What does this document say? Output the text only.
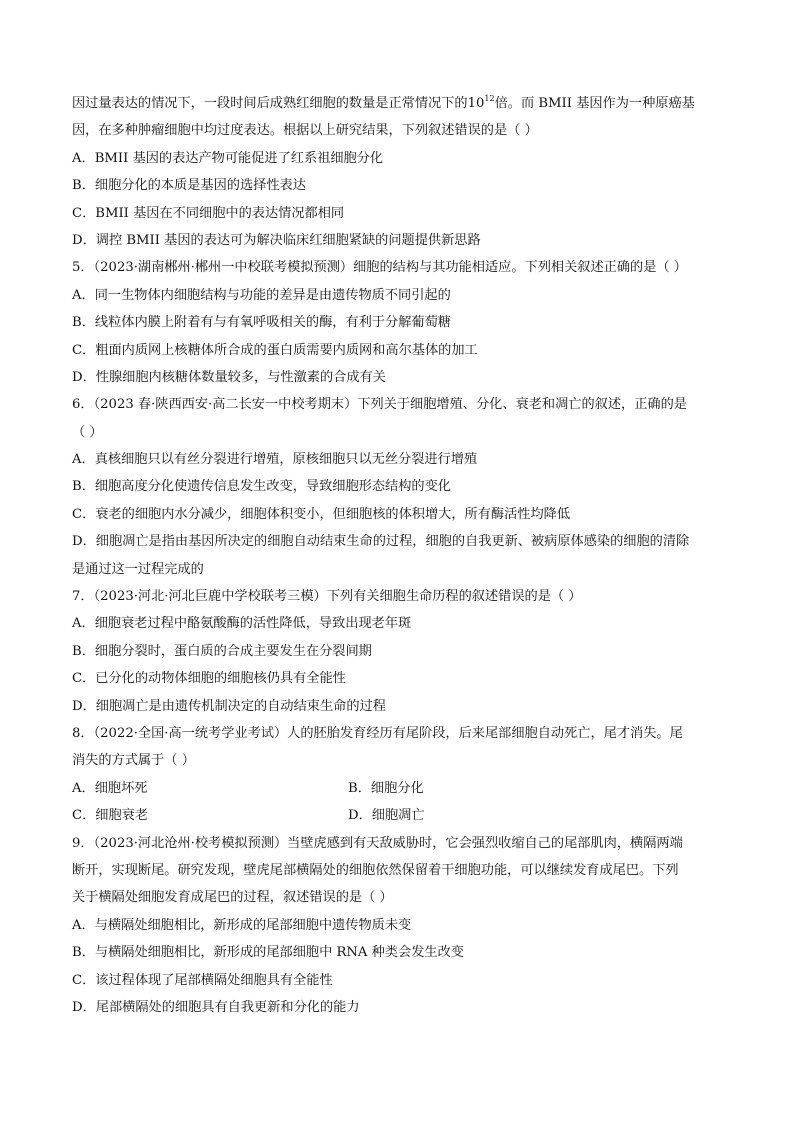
因过量表达的情况下，一段时间后成熟红细胞的数量是正常情况下的$10^{12}$倍。而 BMII 基因作为一种原癌基
因，在多种肿瘤细胞中均过度表达。根据以上研究结果，下列叙述错误的是（ ）
A．BMII 基因的表达产物可能促进了红系祖细胞分化
B．细胞分化的本质是基因的选择性表达
C．BMII 基因在不同细胞中的表达情况都相同
D．调控 BMII 基因的表达可为解决临床红细胞紧缺的问题提供新思路
5．（2023·湖南郴州·郴州一中校联考模拟预测）细胞的结构与其功能相适应。下列相关叙述正确的是（ ）
A．同一生物体内细胞结构与功能的差异是由遗传物质不同引起的
B．线粒体内膜上附着有与有氧呼吸相关的酶，有利于分解葡萄糖
C．粗面内质网上核糖体所合成的蛋白质需要内质网和高尔基体的加工
D．性腺细胞内核糖体数量较多，与性激素的合成有关
6．（2023 春·陕西西安·高二长安一中校考期末）下列关于细胞增殖、分化、衰老和凋亡的叙述，正确的是
（ ）
A．真核细胞只以有丝分裂进行增殖，原核细胞只以无丝分裂进行增殖
B．细胞高度分化使遗传信息发生改变，导致细胞形态结构的变化
C．衰老的细胞内水分减少，细胞体积变小，但细胞核的体积增大，所有酶活性均降低
D．细胞凋亡是指由基因所决定的细胞自动结束生命的过程，细胞的自我更新、被病原体感染的细胞的清除
是通过这一过程完成的
7．（2023·河北·河北巨鹿中学校联考三模）下列有关细胞生命历程的叙述错误的是（ ）
A．细胞衰老过程中酪氨酸酶的活性降低，导致出现老年斑
B．细胞分裂时，蛋白质的合成主要发生在分裂间期
C．已分化的动物体细胞的细胞核仍具有全能性
D．细胞凋亡是由遗传机制决定的自动结束生命的过程
8．（2022·全国·高一统考学业考试）人的胚胎发育经历有尾阶段，后来尾部细胞自动死亡，尾才消失。尾
消失的方式属于（ ）
A．细胞坏死	B．细胞分化
C．细胞衰老	D．细胞凋亡
9．（2023·河北沧州·校考模拟预测）当壁虎感到有天敌威胁时，它会强烈收缩自己的尾部肌肉，横隔两端
断开，实现断尾。研究发现，壁虎尾部横隔处的细胞依然保留着干细胞功能，可以继续发育成尾巴。下列
关于横隔处细胞发育成尾巴的过程，叙述错误的是（ ）
A．与横隔处细胞相比，新形成的尾部细胞中遗传物质未变
B．与横隔处细胞相比，新形成的尾部细胞中 RNA 种类会发生改变
C．该过程体现了尾部横隔处细胞具有全能性
D．尾部横隔处的细胞具有自我更新和分化的能力
